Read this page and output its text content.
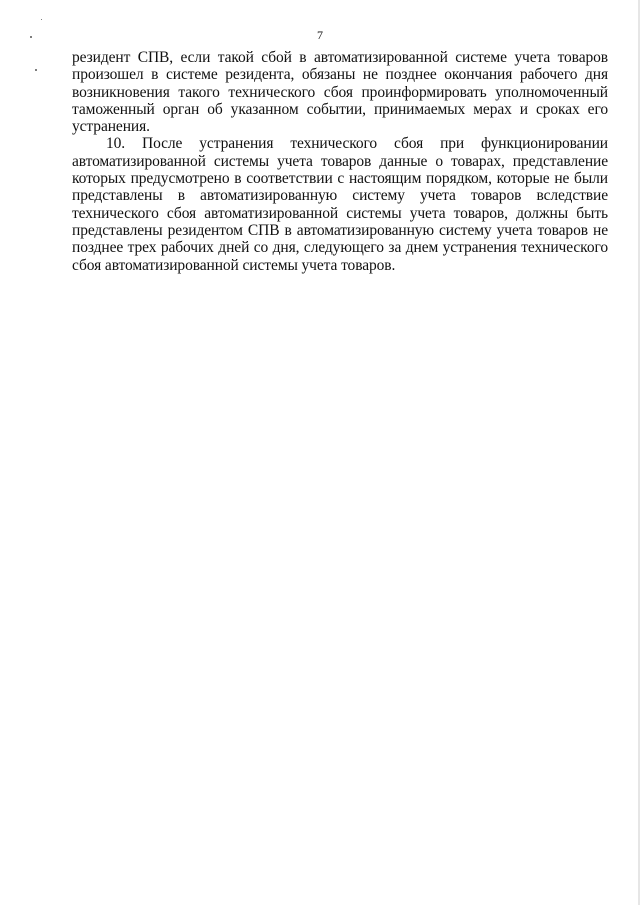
7

резидент СПВ, если такой сбой в автоматизированной системе учета товаров произошел в системе резидента, обязаны не позднее окончания рабочего дня возникновения такого технического сбоя проинформировать уполномоченный таможенный орган об указанном событии, принимаемых мерах и сроках его устранения.

10. После устранения технического сбоя при функционировании автоматизированной системы учета товаров данные о товарах, представление которых предусмотрено в соответствии с настоящим порядком, которые не были представлены в автоматизированную систему учета товаров вследствие технического сбоя автоматизированной системы учета товаров, должны быть представлены резидентом СПВ в автоматизированную систему учета товаров не позднее трех рабочих дней со дня, следующего за днем устранения технического сбоя автоматизированной системы учета товаров.
